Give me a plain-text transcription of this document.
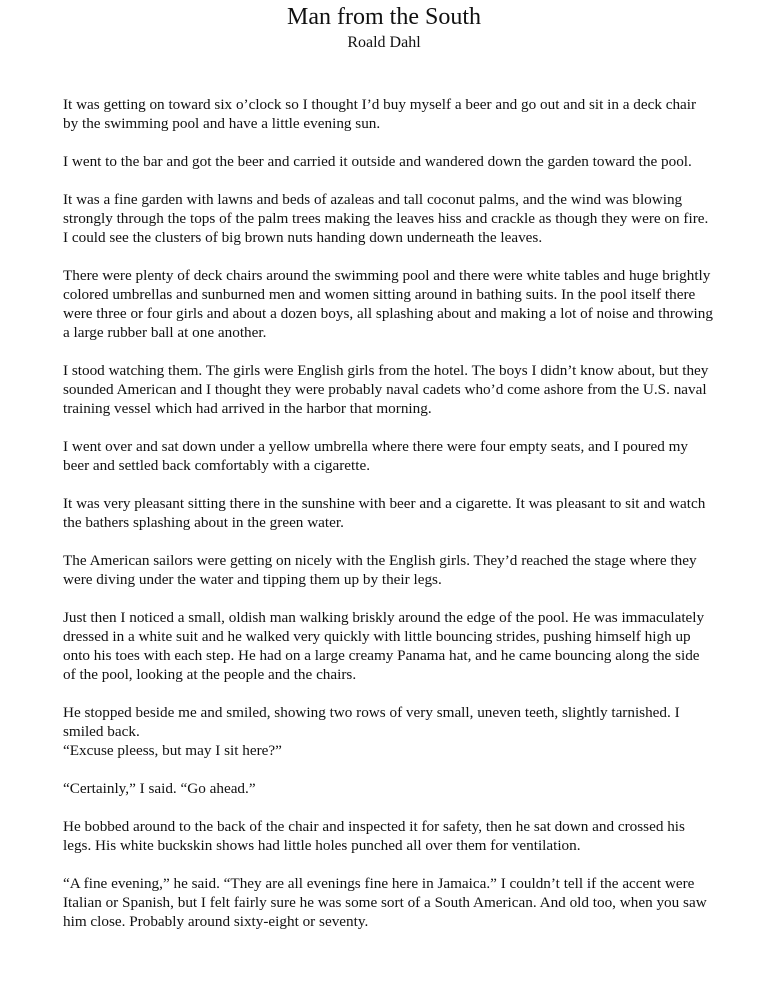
Man from the South
Roald Dahl

It was getting on toward six o’clock so I thought I’d buy myself a beer and go out and sit in a deck chair by the swimming pool and have a little evening sun.

I went to the bar and got the beer and carried it outside and wandered down the garden toward the pool.

It was a fine garden with lawns and beds of azaleas and tall coconut palms, and the wind was blowing strongly through the tops of the palm trees making the leaves hiss and crackle as though they were on fire. I could see the clusters of big brown nuts handing down underneath the leaves.

There were plenty of deck chairs around the swimming pool and there were white tables and huge brightly colored umbrellas and sunburned men and women sitting around in bathing suits. In the pool itself there were three or four girls and about a dozen boys, all splashing about and making a lot of noise and throwing a large rubber ball at one another.

I stood watching them. The girls were English girls from the hotel. The boys I didn’t know about, but they sounded American and I thought they were probably naval cadets who’d come ashore from the U.S. naval training vessel which had arrived in the harbor that morning.

I went over and sat down under a yellow umbrella where there were four empty seats, and I poured my beer and settled back comfortably with a cigarette.

It was very pleasant sitting there in the sunshine with beer and a cigarette. It was pleasant to sit and watch the bathers splashing about in the green water.

The American sailors were getting on nicely with the English girls. They’d reached the stage where they were diving under the water and tipping them up by their legs.

Just then I noticed a small, oldish man walking briskly around the edge of the pool. He was immaculately dressed in a white suit and he walked very quickly with little bouncing strides, pushing himself high up onto his toes with each step. He had on a large creamy Panama hat, and he came bouncing along the side of the pool, looking at the people and the chairs.

He stopped beside me and smiled, showing two rows of very small, uneven teeth, slightly tarnished. I smiled back.
“Excuse pleess, but may I sit here?”

“Certainly,” I said. “Go ahead.”

He bobbed around to the back of the chair and inspected it for safety, then he sat down and crossed his legs. His white buckskin shows had little holes punched all over them for ventilation.

“A fine evening,” he said. “They are all evenings fine here in Jamaica.” I couldn’t tell if the accent were Italian or Spanish, but I felt fairly sure he was some sort of a South American. And old too, when you saw him close. Probably around sixty-eight or seventy.
